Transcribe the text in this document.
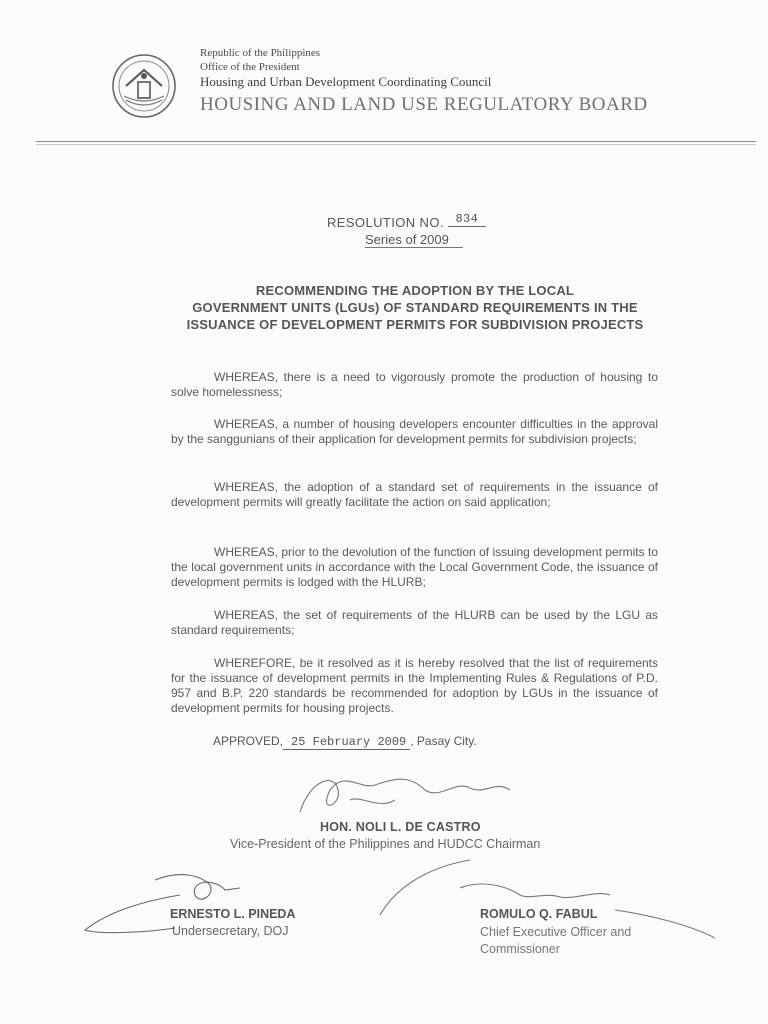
Republic of the Philippines
Office of the President
Housing and Urban Development Coordinating Council
HOUSING AND LAND USE REGULATORY BOARD
RESOLUTION NO. 834
Series of 2009
RECOMMENDING THE ADOPTION BY THE LOCAL
GOVERNMENT UNITS (LGUs) OF STANDARD REQUIREMENTS IN THE
ISSUANCE OF DEVELOPMENT PERMITS FOR SUBDIVISION PROJECTS
WHEREAS, there is a need to vigorously promote the production of housing to solve homelessness;
WHEREAS, a number of housing developers encounter difficulties in the approval by the sanggunians of their application for development permits for subdivision projects;
WHEREAS, the adoption of a standard set of requirements in the issuance of development permits will greatly facilitate the action on said application;
WHEREAS, prior to the devolution of the function of issuing development permits to the local government units in accordance with the Local Government Code, the issuance of development permits is lodged with the HLURB;
WHEREAS, the set of requirements of the HLURB can be used by the LGU as standard requirements;
WHEREFORE, be it resolved as it is hereby resolved that the list of requirements for the issuance of development permits in the Implementing Rules & Regulations of P.D. 957 and B.P. 220 standards be recommended for adoption by LGUs in the issuance of development permits for housing projects.
APPROVED, 25 February 2009 , Pasay City.
HON. NOLI L. DE CASTRO
Vice-President of the Philippines and HUDCC Chairman
ERNESTO L. PINEDA
Undersecretary, DOJ
ROMULO Q. FABUL
Chief Executive Officer and Commissioner
